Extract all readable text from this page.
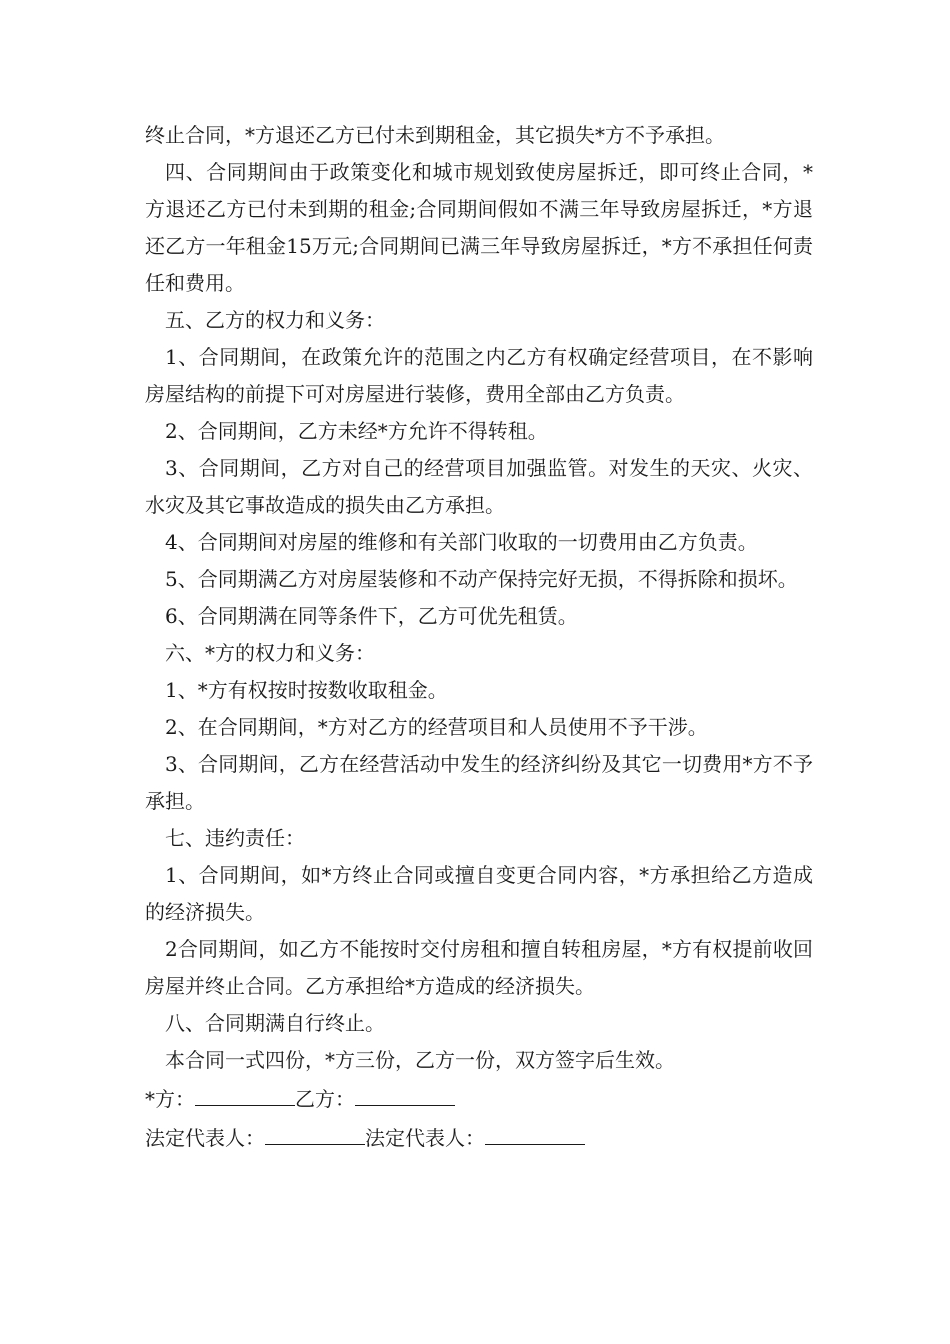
终止合同，*方退还乙方已付未到期租金，其它损失*方不予承担。

四、合同期间由于政策变化和城市规划致使房屋拆迁，即可终止合同，*方退还乙方已付未到期的租金;合同期间假如不满三年导致房屋拆迁，*方退还乙方一年租金15万元;合同期间已满三年导致房屋拆迁，*方不承担任何责任和费用。

五、乙方的权力和义务：

1、合同期间，在政策允许的范围之内乙方有权确定经营项目，在不影响房屋结构的前提下可对房屋进行装修，费用全部由乙方负责。

2、合同期间，乙方未经*方允许不得转租。

3、合同期间，乙方对自己的经营项目加强监管。对发生的天灾、火灾、水灾及其它事故造成的损失由乙方承担。

4、合同期间对房屋的维修和有关部门收取的一切费用由乙方负责。

5、合同期满乙方对房屋装修和不动产保持完好无损，不得拆除和损坏。

6、合同期满在同等条件下，乙方可优先租赁。

六、*方的权力和义务：

1、*方有权按时按数收取租金。

2、在合同期间，*方对乙方的经营项目和人员使用不予干涉。

3、合同期间，乙方在经营活动中发生的经济纠纷及其它一切费用*方不予承担。

七、违约责任：

1、合同期间，如*方终止合同或擅自变更合同内容，*方承担给乙方造成的经济损失。

2合同期间，如乙方不能按时交付房租和擅自转租房屋，*方有权提前收回房屋并终止合同。乙方承担给*方造成的经济损失。

八、合同期满自行终止。

本合同一式四份，*方三份，乙方一份，双方签字后生效。

*方：	乙方：

法定代表人：	法定代表人：
